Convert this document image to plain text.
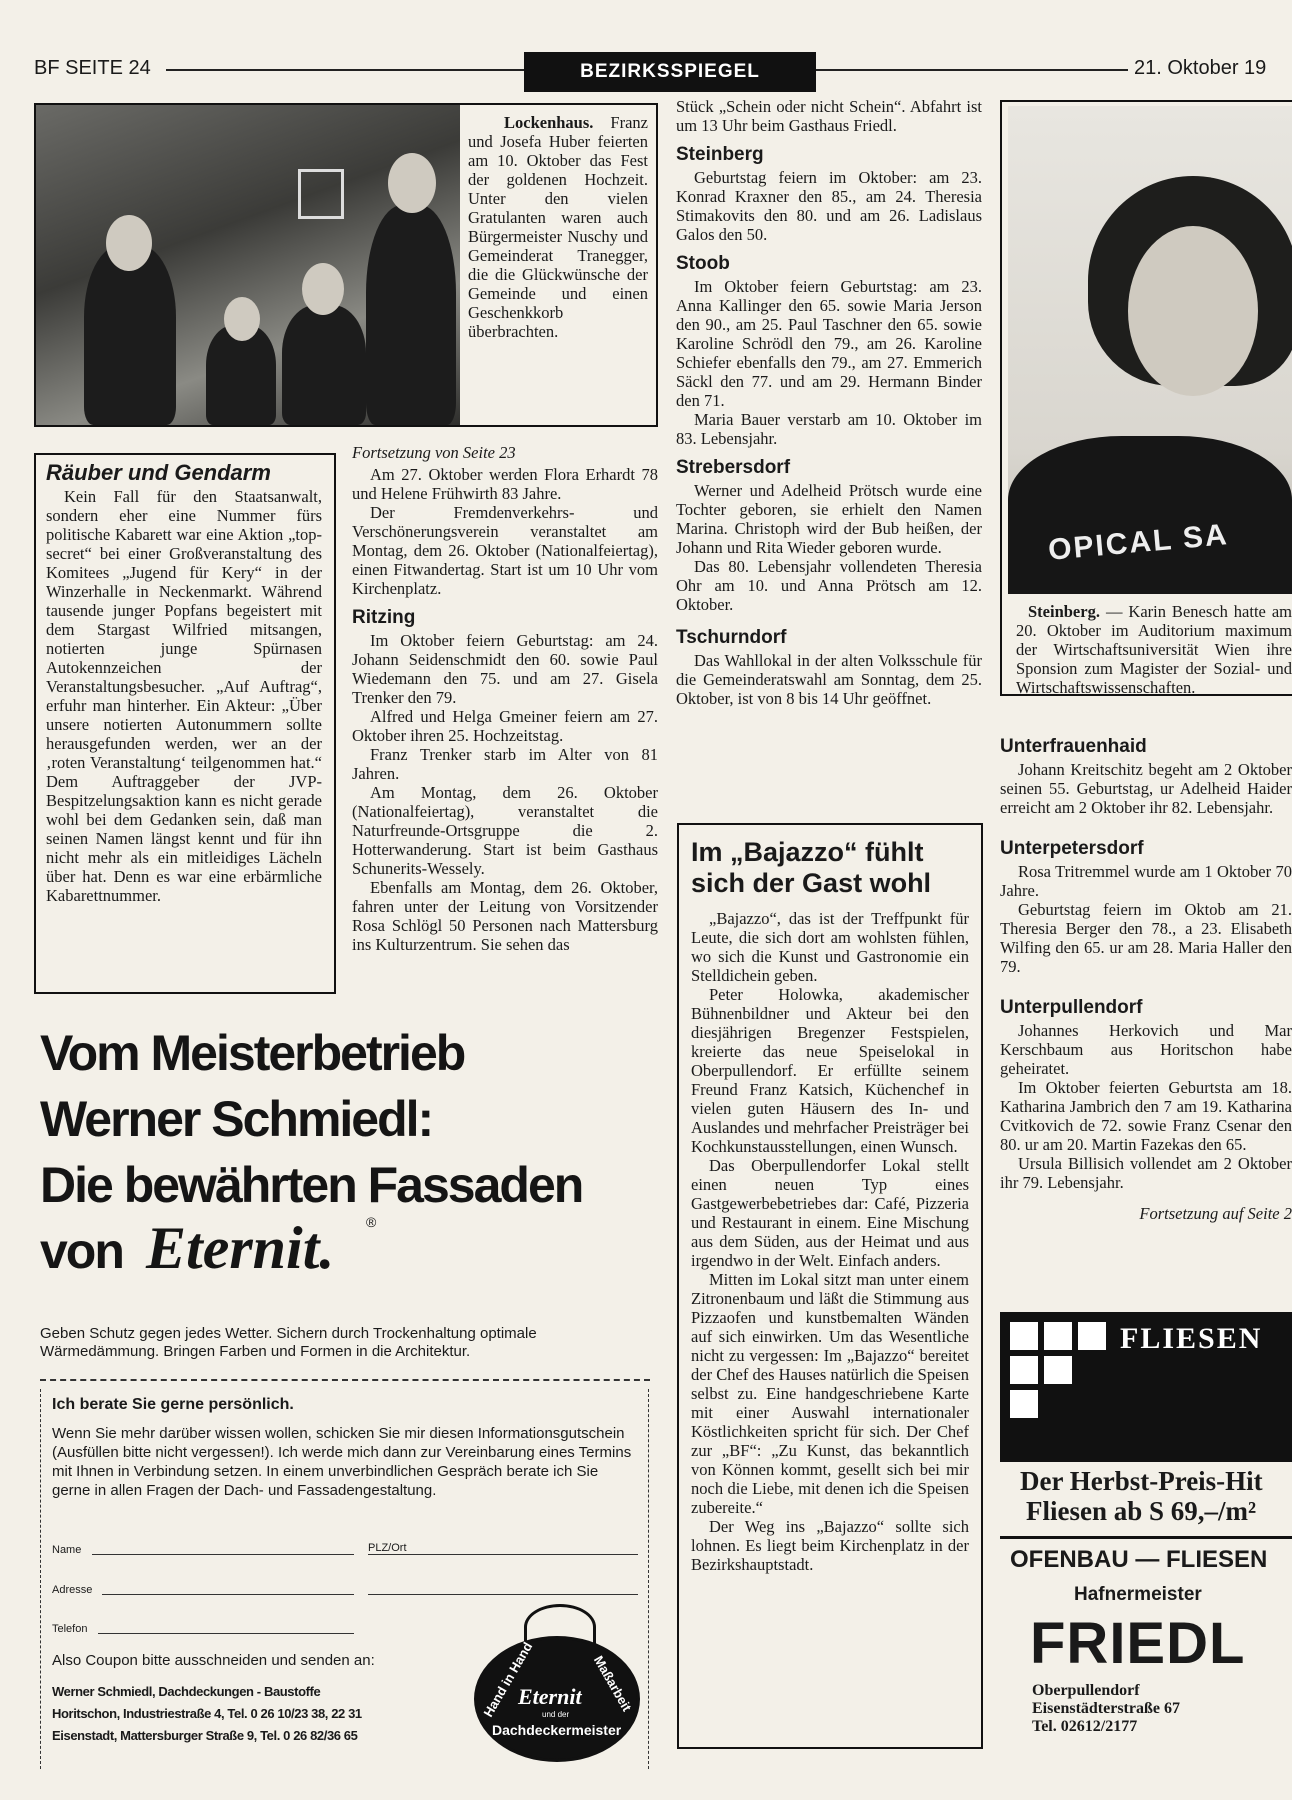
BF SEITE 24	BEZIRKSSPIEGEL	21. Oktober 19
Lockenhaus. Franz und Josefa Huber feierten am 10. Oktober das Fest der goldenen Hochzeit. Unter den vielen Gratulanten waren auch Bürgermeister Nuschy und Gemeinderat Tranegger, die die Glückwünsche der Gemeinde und einen Geschenkkorb überbrachten.
Räuber und Gendarm

Kein Fall für den Staatsanwalt, sondern eher eine Nummer fürs politische Kabarett war eine Aktion „top-secret“ bei einer Großveranstaltung des Komitees „Jugend für Kery“ in der Winzerhalle in Neckenmarkt. Während tausende junger Popfans begeistert mit dem Stargast Wilfried mitsangen, notierten junge Spürnasen Autokennzeichen der Veranstaltungsbesucher. „Auf Auftrag“, erfuhr man hinterher. Ein Akteur: „Über unsere notierten Autonummern sollte herausgefunden werden, wer an der ‚roten Veranstaltung‘ teilgenommen hat.“ Dem Auftraggeber der JVP-Bespitzelungsaktion kann es nicht gerade wohl bei dem Gedanken sein, daß man seinen Namen längst kennt und für ihn nicht mehr als ein mitleidiges Lächeln über hat. Denn es war eine erbärmliche Kabarettnummer.

Fortsetzung von Seite 23

Am 27. Oktober werden Flora Erhardt 78 und Helene Frühwirth 83 Jahre.

Der Fremdenverkehrs- und Verschönerungsverein veranstaltet am Montag, dem 26. Oktober (Nationalfeiertag), einen Fitwandertag. Start ist um 10 Uhr vom Kirchenplatz.

Ritzing

Im Oktober feiern Geburtstag: am 24. Johann Seidenschmidt den 60. sowie Paul Wiedemann den 75. und am 27. Gisela Trenker den 79.

Alfred und Helga Gmeiner feiern am 27. Oktober ihren 25. Hochzeitstag.

Franz Trenker starb im Alter von 81 Jahren.

Am Montag, dem 26. Oktober (Nationalfeiertag), veranstaltet die Naturfreunde-Ortsgruppe die 2. Hotterwanderung. Start ist beim Gasthaus Schunerits-Wessely.

Ebenfalls am Montag, dem 26. Oktober, fahren unter der Leitung von Vorsitzender Rosa Schlögl 50 Personen nach Mattersburg ins Kulturzentrum. Sie sehen das

Stück „Schein oder nicht Schein“. Abfahrt ist um 13 Uhr beim Gasthaus Friedl.

Steinberg

Geburtstag feiern im Oktober: am 23. Konrad Kraxner den 85., am 24. Theresia Stimakovits den 80. und am 26. Ladislaus Galos den 50.

Stoob

Im Oktober feiern Geburtstag: am 23. Anna Kallinger den 65. sowie Maria Jerson den 90., am 25. Paul Taschner den 65. sowie Karoline Schrödl den 79., am 26. Karoline Schiefer ebenfalls den 79., am 27. Emmerich Säckl den 77. und am 29. Hermann Binder den 71.

Maria Bauer verstarb am 10. Oktober im 83. Lebensjahr.

Strebersdorf

Werner und Adelheid Prötsch wurde eine Tochter geboren, sie erhielt den Namen Marina. Christoph wird der Bub heißen, der Johann und Rita Wieder geboren wurde.

Das 80. Lebensjahr vollendeten Theresia Ohr am 10. und Anna Prötsch am 12. Oktober.

Tschurndorf

Das Wahllokal in der alten Volksschule für die Gemeinderatswahl am Sonntag, dem 25. Oktober, ist von 8 bis 14 Uhr geöffnet.

Im „Bajazzo“ fühlt sich der Gast wohl

„Bajazzo“, das ist der Treffpunkt für Leute, die sich dort am wohlsten fühlen, wo sich die Kunst und Gastronomie ein Stelldichein geben.

Peter Holowka, akademischer Bühnenbildner und Akteur bei den diesjährigen Bregenzer Festspielen, kreierte das neue Speiselokal in Oberpullendorf. Er erfüllte seinem Freund Franz Katsich, Küchenchef in vielen guten Häusern des In- und Auslandes und mehrfacher Preisträger bei Kochkunstausstellungen, einen Wunsch.

Das Oberpullendorfer Lokal stellt einen neuen Typ eines Gastgewerbebetriebes dar: Café, Pizzeria und Restaurant in einem. Eine Mischung aus dem Süden, aus der Heimat und aus irgendwo in der Welt. Einfach anders.

Mitten im Lokal sitzt man unter einem Zitronenbaum und läßt die Stimmung aus Pizzaofen und kunstbemalten Wänden auf sich einwirken. Um das Wesentliche nicht zu vergessen: Im „Bajazzo“ bereitet der Chef des Hauses natürlich die Speisen selbst zu. Eine handgeschriebene Karte mit einer Auswahl internationaler Köstlichkeiten spricht für sich. Der Chef zur „BF“: „Zu Kunst, das bekanntlich von Können kommt, gesellt sich bei mir noch die Liebe, mit denen ich die Speisen zubereite.“

Der Weg ins „Bajazzo“ sollte sich lohnen. Es liegt beim Kirchenplatz in der Bezirkshauptstadt.

OPICAL SA
Steinberg. — Karin Benesch hatte am 20. Oktober im Auditorium maximum der Wirtschaftsuniversität Wien ihre Sponsion zum Magister der Sozial- und Wirtschaftswissenschaften.
Unterfrauenhaid

Johann Kreitschitz begeht am 2 Oktober seinen 55. Geburtstag, ur Adelheid Haider erreicht am 2 Oktober ihr 82. Lebensjahr.

Unterpetersdorf

Rosa Tritremmel wurde am 1 Oktober 70 Jahre.

Geburtstag feiern im Oktob am 21. Theresia Berger den 78., a 23. Elisabeth Wilfing den 65. ur am 28. Maria Haller den 79.

Unterpullendorf

Johannes Herkovich und Mar Kerschbaum aus Horitschon habe geheiratet.

Im Oktober feierten Geburtsta am 18. Katharina Jambrich den 7 am 19. Katharina Cvitkovich de 72. sowie Franz Csenar den 80. ur am 20. Martin Fazekas den 65.

Ursula Billisich vollendet am 2 Oktober ihr 79. Lebensjahr.

Fortsetzung auf Seite 2
FLIESEN
Der Herbst-Preis-Hit
Fliesen ab S 69,–/m²
OFENBAU — FLIESEN
Hafnermeister
FRIEDL
Oberpullendorf
Eisenstädterstraße 67
Tel. 02612/2177
Vom Meisterbetrieb
Werner Schmiedl:
Die bewährten Fassaden
von Eternit. ®
Geben Schutz gegen jedes Wetter. Sichern durch Trockenhaltung optimale Wärmedämmung. Bringen Farben und Formen in die Architektur.
Ich berate Sie gerne persönlich.
Wenn Sie mehr darüber wissen wollen, schicken Sie mir diesen Informationsgutschein (Ausfüllen bitte nicht vergessen!). Ich werde mich dann zur Vereinbarung eines Termins mit Ihnen in Verbindung setzen. In einem unverbindlichen Gespräch berate ich Sie gerne in allen Fragen der Dach- und Fassadengestaltung.
Name	PLZ/Ort
Adresse
Telefon
Also Coupon bitte ausschneiden und senden an:
Werner Schmiedl, Dachdeckungen - Baustoffe
Horitschon, Industriestraße 4, Tel. 0 26 10/23 38, 22 31
Eisenstadt, Mattersburger Straße 9, Tel. 0 26 82/36 65
Hand in Hand	Maßarbeit
Eternit
und der
Dachdeckermeister
